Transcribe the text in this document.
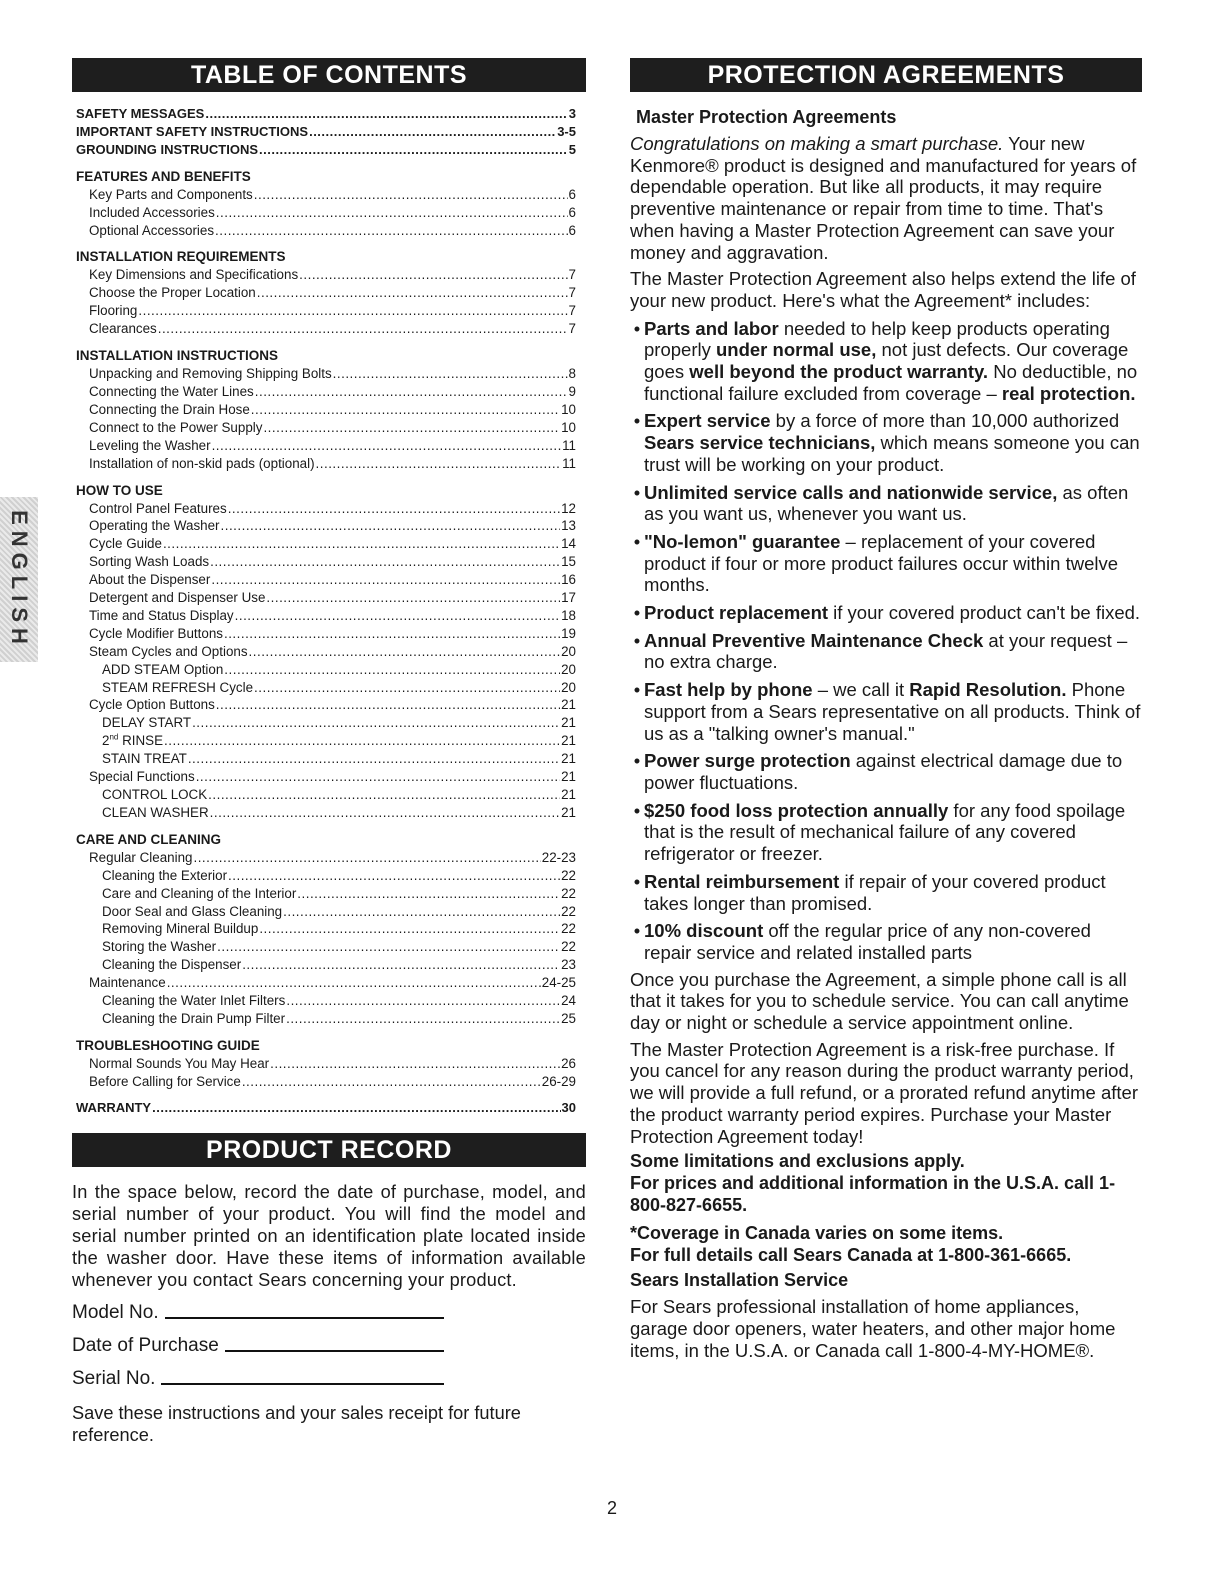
ENGLISH
TABLE OF CONTENTS
SAFETY MESSAGES .....	3
IMPORTANT SAFETY INSTRUCTIONS .....	3-5
GROUNDING INSTRUCTIONS .....	5
FEATURES AND BENEFITS
Key Parts and Components .....	6
Included Accessories .....	6
Optional Accessories .....	6
INSTALLATION REQUIREMENTS
Key Dimensions and Specifications .....	7
Choose the Proper Location .....	7
Flooring .....	7
Clearances .....	7
INSTALLATION INSTRUCTIONS
Unpacking and Removing Shipping Bolts .....	8
Connecting the Water Lines .....	9
Connecting the Drain Hose .....	10
Connect to the Power Supply .....	10
Leveling the Washer .....	11
Installation of non-skid pads (optional) .....	11
HOW TO USE
Control Panel Features .....	12
Operating the Washer .....	13
Cycle Guide .....	14
Sorting Wash Loads .....	15
About the Dispenser .....	16
Detergent and Dispenser Use .....	17
Time and Status Display .....	18
Cycle Modifier Buttons .....	19
Steam Cycles and Options .....	20
ADD STEAM Option .....	20
STEAM REFRESH Cycle .....	20
Cycle Option Buttons .....	21
DELAY START .....	21
2nd RINSE .....	21
STAIN TREAT .....	21
Special Functions .....	21
CONTROL LOCK .....	21
CLEAN WASHER .....	21
CARE AND CLEANING
Regular Cleaning .....	22-23
Cleaning the Exterior .....	22
Care and Cleaning of the Interior .....	22
Door Seal and Glass Cleaning .....	22
Removing Mineral Buildup .....	22
Storing the Washer .....	22
Cleaning the Dispenser .....	23
Maintenance .....	24-25
Cleaning the Water Inlet Filters .....	24
Cleaning the Drain Pump Filter .....	25
TROUBLESHOOTING GUIDE
Normal Sounds You May Hear .....	26
Before Calling for Service .....	26-29
WARRANTY .....	30
PRODUCT RECORD
In the space below, record the date of purchase, model, and serial number of your product. You will find the model and serial number printed on an identification plate located inside the washer door. Have these items of information available whenever you contact Sears concerning your product.
Model No.
Date of Purchase
Serial No.
Save these instructions and your sales receipt for future reference.
PROTECTION AGREEMENTS
Master Protection Agreements
Congratulations on making a smart purchase. Your new Kenmore® product is designed and manufactured for years of dependable operation. But like all products, it may require preventive maintenance or repair from time to time. That's when having a Master Protection Agreement can save your money and aggravation.
The Master Protection Agreement also helps extend the life of your new product. Here's what the Agreement* includes:
• Parts and labor needed to help keep products operating properly under normal use, not just defects. Our coverage goes well beyond the product warranty. No deductible, no functional failure excluded from coverage – real protection.
• Expert service by a force of more than 10,000 authorized Sears service technicians, which means someone you can trust will be working on your product.
• Unlimited service calls and nationwide service, as often as you want us, whenever you want us.
• "No-lemon" guarantee – replacement of your covered product if four or more product failures occur within twelve months.
• Product replacement if your covered product can't be fixed.
• Annual Preventive Maintenance Check at your request – no extra charge.
• Fast help by phone – we call it Rapid Resolution. Phone support from a Sears representative on all products. Think of us as a "talking owner's manual."
• Power surge protection against electrical damage due to power fluctuations.
• $250 food loss protection annually for any food spoilage that is the result of mechanical failure of any covered refrigerator or freezer.
• Rental reimbursement if repair of your covered product takes longer than promised.
• 10% discount off the regular price of any non-covered repair service and related installed parts
Once you purchase the Agreement, a simple phone call is all that it takes for you to schedule service. You can call anytime day or night or schedule a service appointment online.
The Master Protection Agreement is a risk-free purchase. If you cancel for any reason during the product warranty period, we will provide a full refund, or a prorated refund anytime after the product warranty period expires. Purchase your Master Protection Agreement today!
Some limitations and exclusions apply.
For prices and additional information in the U.S.A. call 1-800-827-6655.
*Coverage in Canada varies on some items.
For full details call Sears Canada at 1-800-361-6665.
Sears Installation Service
For Sears professional installation of home appliances, garage door openers, water heaters, and other major home items, in the U.S.A. or Canada call 1-800-4-MY-HOME®.
2
